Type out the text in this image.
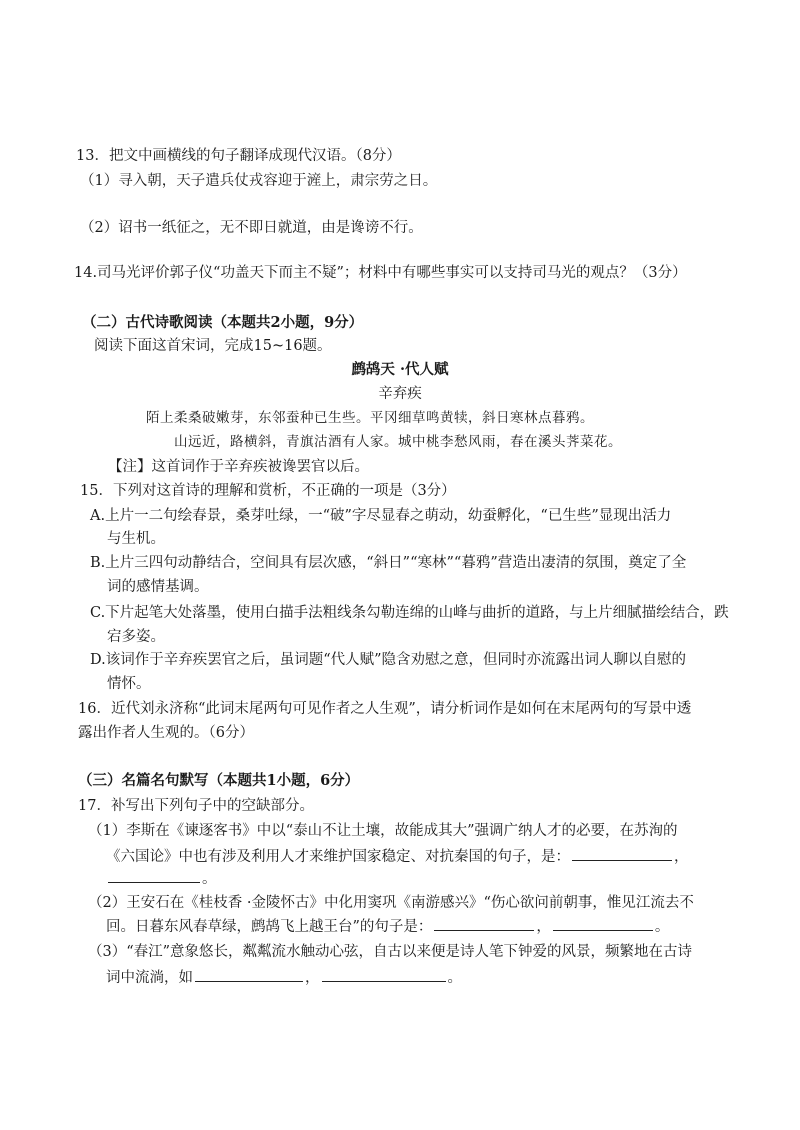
13．把文中画横线的句子翻译成现代汉语。（8分）
（1）寻入朝，天子遣兵仗戎容迎于滻上，肃宗劳之日。
（2）诏书一纸征之，无不即日就道，由是谗谤不行。
14.司马光评价郭子仪“功盖天下而主不疑”；材料中有哪些事实可以支持司马光的观点？（3分）
（二）古代诗歌阅读（本题共2小题，9分）
阅读下面这首宋词，完成15~16题。
鹧鸪天 ·代人赋
辛弃疾
陌上柔桑破嫩芽，东邻蚕种已生些。平冈细草鸣黄犊，斜日寒林点暮鸦。
山远近，路横斜，青旗沽酒有人家。城中桃李愁风雨，春在溪头荠菜花。
【注】这首词作于辛弃疾被谗罢官以后。
15．下列对这首诗的理解和赏析，不正确的一项是（3分）
A.上片一二句绘春景，桑芽吐绿，一“破”字尽显春之萌动，幼蚕孵化，“已生些”显现出活力
与生机。
B.上片三四句动静结合，空间具有层次感，“斜日”“寒林”“暮鸦”营造出凄清的氛围，奠定了全
词的感情基调。
C.下片起笔大处落墨，使用白描手法粗线条勾勒连绵的山峰与曲折的道路，与上片细腻描绘结合，跌
宕多姿。
D.该词作于辛弃疾罢官之后，虽词题“代人赋”隐含劝慰之意，但同时亦流露出词人聊以自慰的
情怀。
16．近代刘永济称“此词末尾两句可见作者之人生观”，请分析词作是如何在末尾两句的写景中透
露出作者人生观的。（6分）
（三）名篇名句默写（本题共1小题，6分）
17．补写出下列句子中的空缺部分。
（1）李斯在《谏逐客书》中以“泰山不让土壤，故能成其大”强调广纳人才的必要，在苏洵的
《六国论》中也有涉及利用人才来维护国家稳定、对抗秦国的句子，是：	，
。
（2）王安石在《桂枝香 ·金陵怀古》中化用窦巩《南游感兴》“伤心欲问前朝事，惟见江流去不
回。日暮东风春草绿，鹧鸪飞上越王台”的句子是：	，	。
（3）“春江”意象悠长，粼粼流水触动心弦，自古以来便是诗人笔下钟爱的风景，频繁地在古诗
词中流淌，如	，	。
